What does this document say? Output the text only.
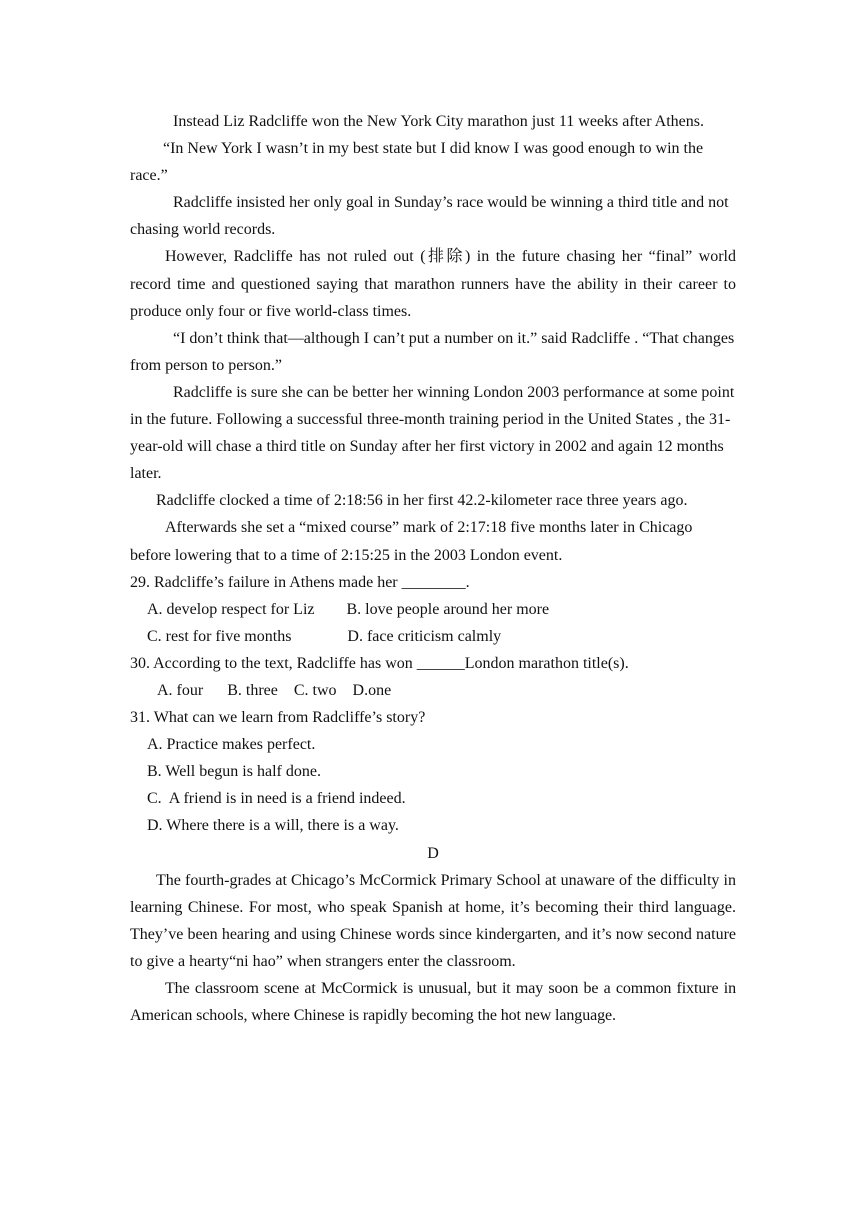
Instead Liz Radcliffe won the New York City marathon just 11 weeks after Athens.

“In New York I wasn’t in my best state but I did know I was good enough to win the race.”

Radcliffe insisted her only goal in Sunday’s race would be winning a third title and not chasing world records.

However, Radcliffe has not ruled out (排除) in the future chasing her “final” world record time and questioned saying that marathon runners have the ability in their career to produce only four or five world-class times.

“I don’t think that—although I can’t put a number on it.” said Radcliffe . “That changes from person to person.”

Radcliffe is sure she can be better her winning London 2003 performance at some point in the future. Following a successful three-month training period in the United States , the 31-year-old will chase a third title on Sunday after her first victory in 2002 and again 12 months later.

Radcliffe clocked a time of 2:18:56 in her first 42.2-kilometer race three years ago.

Afterwards she set a “mixed course” mark of 2:17:18 five months later in Chicago before lowering that to a time of 2:15:25 in the 2003 London event.

29. Radcliffe’s failure in Athens made her ________.

A. develop respect for Liz        B. love people around her more

C. rest for five months              D. face criticism calmly

30. According to the text, Radcliffe has won ______London marathon title(s).

A. four      B. three    C. two    D.one

31. What can we learn from Radcliffe’s story?

A. Practice makes perfect.

B. Well begun is half done.

C.  A friend is in need is a friend indeed.

D. Where there is a will, there is a way.

D

The fourth-grades at Chicago’s McCormick Primary School at unaware of the difficulty in learning Chinese. For most, who speak Spanish at home, it’s becoming their third language. They’ve been hearing and using Chinese words since kindergarten, and it’s now second nature to give a hearty“ni hao” when strangers enter the classroom.

The classroom scene at McCormick is unusual, but it may soon be a common fixture in American schools, where Chinese is rapidly becoming the hot new language.
